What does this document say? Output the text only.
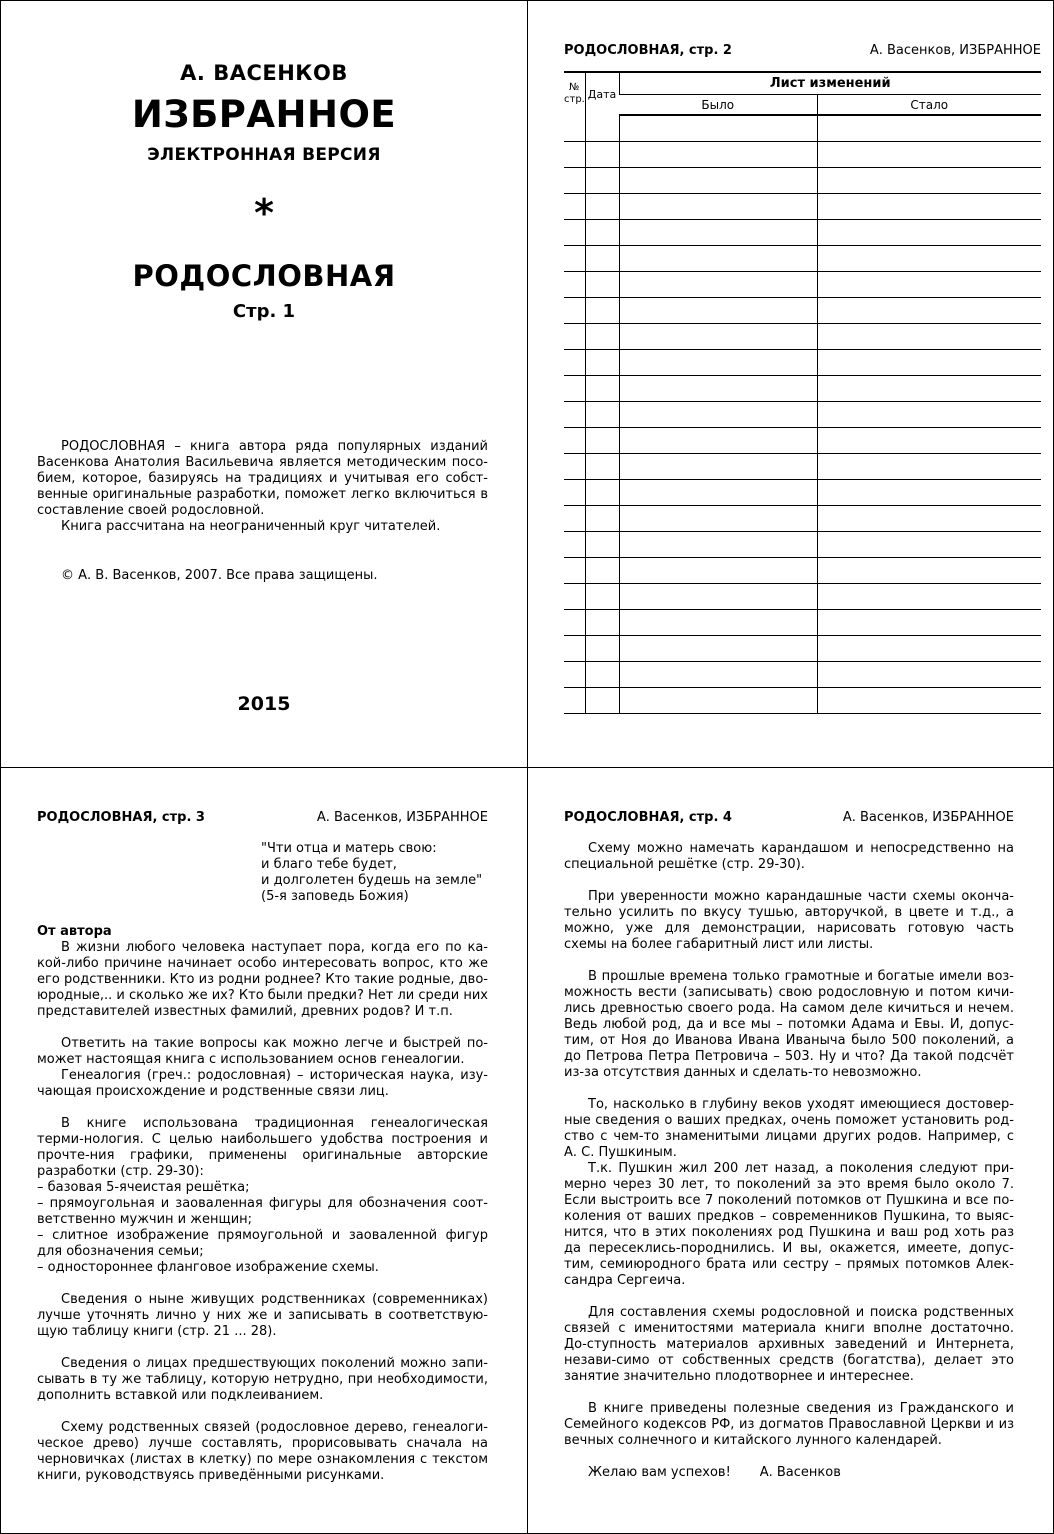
А. ВАСЕНКОВ
ИЗБРАННОЕ
ЭЛЕКТРОННАЯ ВЕРСИЯ
*
РОДОСЛОВНАЯ
Стр. 1

РОДОСЛОВНАЯ – книга автора ряда популярных изданий Васенкова Анатолия Васильевича является методическим посо-бием, которое, базируясь на традициях и учитывая его собст-венные оригинальные разработки, поможет легко включиться в составление своей родословной.

Книга рассчитана на неограниченный круг читателей.

© А. В. Васенков, 2007. Все права защищены.
2015
РОДОСЛОВНАЯ, стр. 2	А. Васенков, ИЗБРАННОЕ
№ стр.	Дата	Лист изменений	
		Было	Стало

РОДОСЛОВНАЯ, стр. 3	А. Васенков, ИЗБРАННОЕ
"Чти отца и матерь свою:
и благо тебе будет,
и долголетен будешь на земле"
(5-я заповедь Божия)

От автора

В жизни любого человека наступает пора, когда его по ка-кой-либо причине начинает особо интересовать вопрос, кто же его родственники. Кто из родни роднее? Кто такие родные, дво-юродные,.. и сколько же их? Кто были предки? Нет ли среди них представителей известных фамилий, древних родов? И т.п.

Ответить на такие вопросы как можно легче и быстрей по-может настоящая книга с использованием основ генеалогии.

Генеалогия (греч.: родословная) – историческая наука, изу-чающая происхождение и родственные связи лиц.

В книге использована традиционная генеалогическая терми-нология. С целью наибольшего удобства построения и прочте-ния графики, применены оригинальные авторские разработки (стр. 29-30):

– базовая 5-ячеистая решётка;

– прямоугольная и заовaленная фигуры для обозначения соот-ветственно мужчин и женщин;

– слитное изображение прямоугольной и заовaленной фигур для обозначения семьи;

– одностороннее фланговое изображение схемы.

Сведения о ныне живущих родственниках (современниках) лучше уточнять лично у них же и записывать в соответствую-щую таблицу книги (стр. 21 ... 28).

Сведения о лицах предшествующих поколений можно запи-сывать в ту же таблицу, которую нетрудно, при необходимости, дополнить вставкой или подклеиванием.

Схему родственных связей (родословное дерево, генеалоги-ческое древо) лучше составлять, прорисовывать сначала на черновичках (листах в клетку) по мере ознакомления с текстом книги, руководствуясь приведёнными рисунками.

РОДОСЛОВНАЯ, стр. 4	А. Васенков, ИЗБРАННОЕ

Схему можно намечать карандашом и непосредственно на специальной решётке (стр. 29-30).

При уверенности можно карандашные части схемы оконча-тельно усилить по вкусу тушью, авторучкой, в цвете и т.д., а можно, уже для демонстрации, нарисовать готовую часть схемы на более габаритный лист или листы.

В прошлые времена только грамотные и богатые имели воз-можность вести (записывать) свою родословную и потом кичи-лись древностью своего рода. На самом деле кичиться и нечем. Ведь любой род, да и все мы – потомки Адама и Евы. И, допус-тим, от Ноя до Иванова Ивана Иваныча было 500 поколений, а до Петрова Петра Петровича – 503. Ну и что? Да такой подсчёт из-за отсутствия данных и сделать-то невозможно.

То, насколько в глубину веков уходят имеющиеся достовер-ные сведения о ваших предках, очень поможет установить род-ство с чем-то знаменитыми лицами других родов. Например, с А. С. Пушкиным.

Т.к. Пушкин жил 200 лет назад, а поколения следуют при-мерно через 30 лет, то поколений за это время было около 7. Если выстроить все 7 поколений потомков от Пушкина и все по-коления от ваших предков – современников Пушкина, то выяс-нится, что в этих поколениях род Пушкина и ваш род хоть раз да пересеклись-породнились. И вы, окажется, имеете, допус-тим, семиюродного брата или сестру – прямых потомков Алек-сандра Сергеича.

Для составления схемы родословной и поиска родственных связей с именитостями материала книги вполне достаточно. До-ступность материалов архивных заведений и Интернета, незави-симо от собственных средств (богатства), делает это занятие значительно плодотворнее и интереснее.

В книге приведены полезные сведения из Гражданского и Семейного кодексов РФ, из догматов Православной Церкви и из вечных солнечного и китайского лунного календарей.

Желаю вам успехов!       А. Васенков
